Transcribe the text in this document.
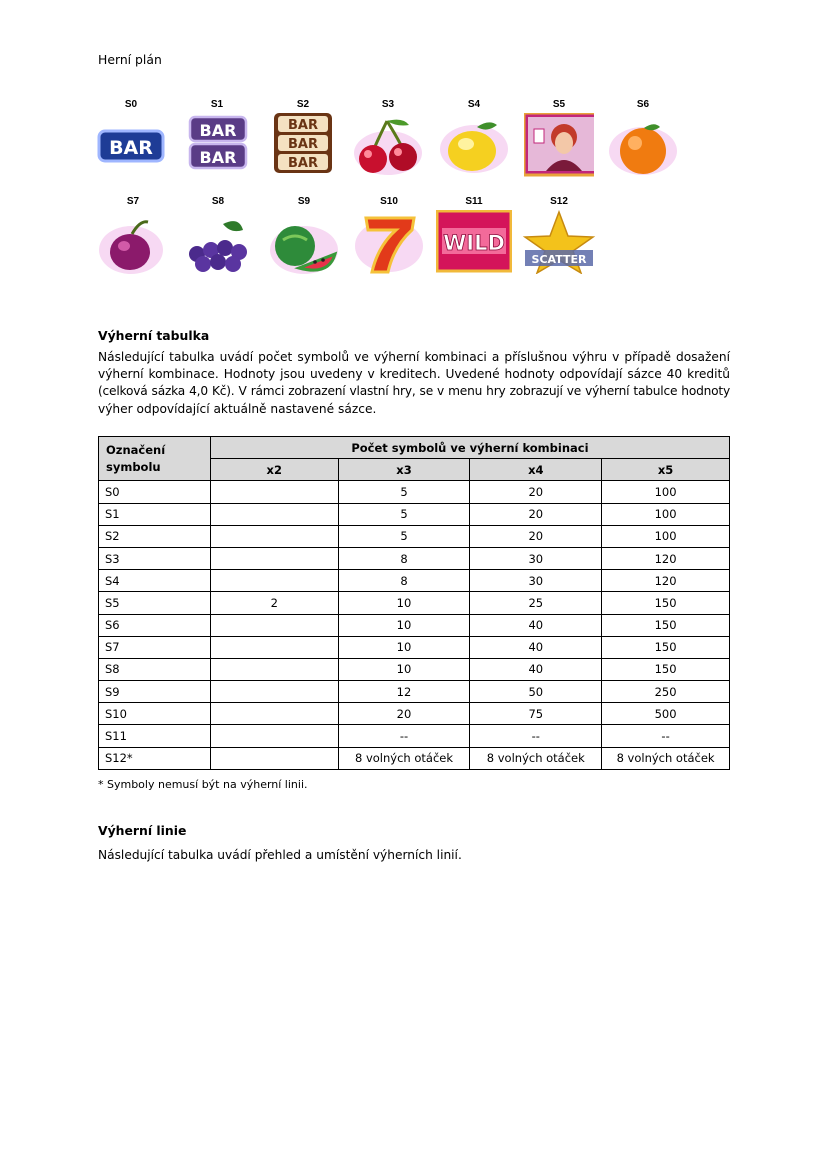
Herní plán
S0
BAR
S1
BAR
BAR
S2
BAR
BAR
BAR
S3	S4	S5	S6
S7	S8	S9	S10	S11
WILD
S12
SCATTER
Výherní tabulka
Následující tabulka uvádí počet symbolů ve výherní kombinaci a příslušnou výhru v případě dosažení
výherní kombinace. Hodnoty jsou uvedeny v kreditech. Uvedené hodnoty odpovídají sázce 40 kreditů
(celková sázka 4,0 Kč). V rámci zobrazení vlastní hry, se v menu hry zobrazují ve výherní tabulce hodnoty
výher odpovídající aktuálně nastavené sázce.
Označení symbolu	Počet symbolů ve výherní kombinaci			
	x2	x3	x4	x5
S0		5	20	100
S1		5	20	100
S2		5	20	100
S3		8	30	120
S4		8	30	120
S5	2	10	25	150
S6		10	40	150
S7		10	40	150
S8		10	40	150
S9		12	50	250
S10		20	75	500
S11		--	--	--
S12*		8 volných otáček	8 volných otáček	8 volných otáček
* Symboly nemusí být na výherní linii.
Výherní linie
Následující tabulka uvádí přehled a umístění výherních linií.
